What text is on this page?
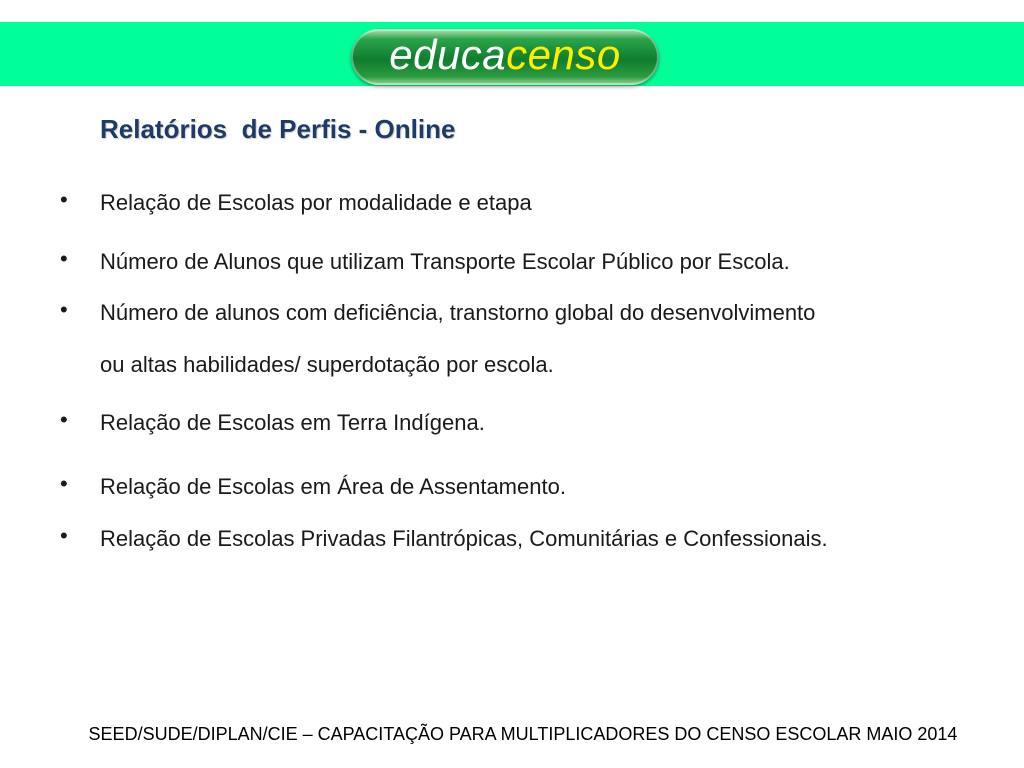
educacenso
Relatórios  de Perfis - Online
• Relação de Escolas por modalidade e etapa
• Número de Alunos que utilizam Transporte Escolar Público por Escola.
• Número de alunos com deficiência, transtorno global do desenvolvimento
ou altas habilidades/ superdotação por escola.
• Relação de Escolas em Terra Indígena.
• Relação de Escolas em Área de Assentamento.
• Relação de Escolas Privadas Filantrópicas, Comunitárias e Confessionais.
SEED/SUDE/DIPLAN/CIE – CAPACITAÇÃO PARA MULTIPLICADORES DO CENSO ESCOLAR MAIO 2014
